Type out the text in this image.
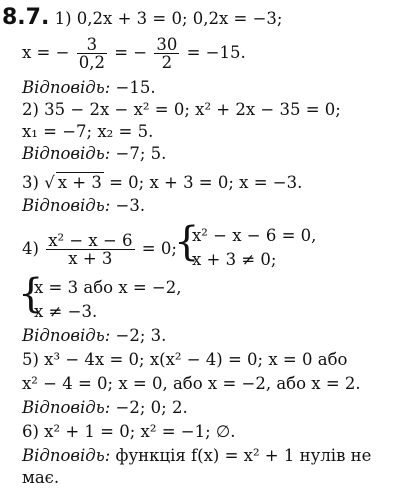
8.7. 1) 0,2x + 3 = 0; 0,2x = −3;
x = − $\frac{3}{0,2}$ = − $\frac{30}{2} = -15$.
Відповідь: −15.
2) 35 − 2x − x² = 0; x² + 2x − 35 = 0;
x₁ = −7; x₂ = 5.
Відповідь: −7; 5.
3) √ x + 3 = 0; x + 3 = 0; x = −3.
Відповідь: −3.
$4) \frac{\text{x² − x − 6}}{x + 3} = 0$;
{
x² − x − 6 = 0,
x + 3 ≠ 0;
{
x = 3 або x = −2,
x ≠ −3.
Відповідь: −2; 3.
5) x³ − 4x = 0; x(x² − 4) = 0; x = 0 або
x² − 4 = 0; x = 0, або x = −2, або x = 2.
Відповідь: −2; 0; 2.
6) x² + 1 = 0; x² = −1; ∅.
Відповідь: функція f(x) = x² + 1 нулів не
має.
